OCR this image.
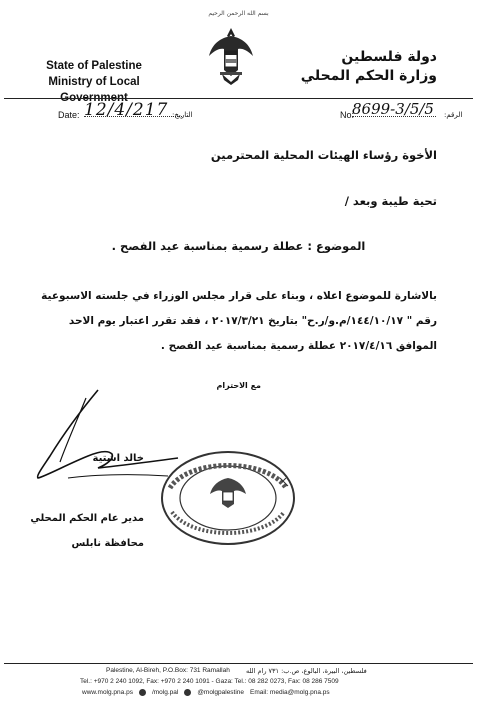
بسم الله الرحمن الرحيم
State of Palestine
Ministry of Local Government
دولة فلسطين
وزارة الحكم المحلي
Date: 12/4/217 التاريخ:	No:
8699-3/5/5 الرقم:
الأخوة رؤساء الهيئات المحلية المحترمين
تحية طيبة وبعد /
الموضوع : عطلة رسمية بمناسبة عيد الفصح .
بالاشارة للموضوع اعلاه ، وبناء على قرار مجلس الوزراء في جلسته الاسبوعية
رقم " ١٤٤/١٠/١٧/م.و/ر.ح" بتاريخ ٢٠١٧/٣/٢١ ، فقد تقرر اعتبار يوم الاحد
الموافق ٢٠١٧/٤/١٦ عطلة رسمية بمناسبة عيد الفصح .
مع الاحترام
خالد اشتية
مدير عام الحكم المحلي
محافظة نابلس
Palestine, Al-Bireh, P.O.Box: 731 Ramallah فلسطين، البيرة، البالوع، ص.ب: ٧٣١ رام الله
Tel.: +970 2 240 1092, Fax: +970 2 240 1091 - Gaza: Tel.: 08 282 0273, Fax: 08 286 7509
www.molg.pna.ps	/molg.pal	@molgpalestine Email: media@molg.pna.ps
